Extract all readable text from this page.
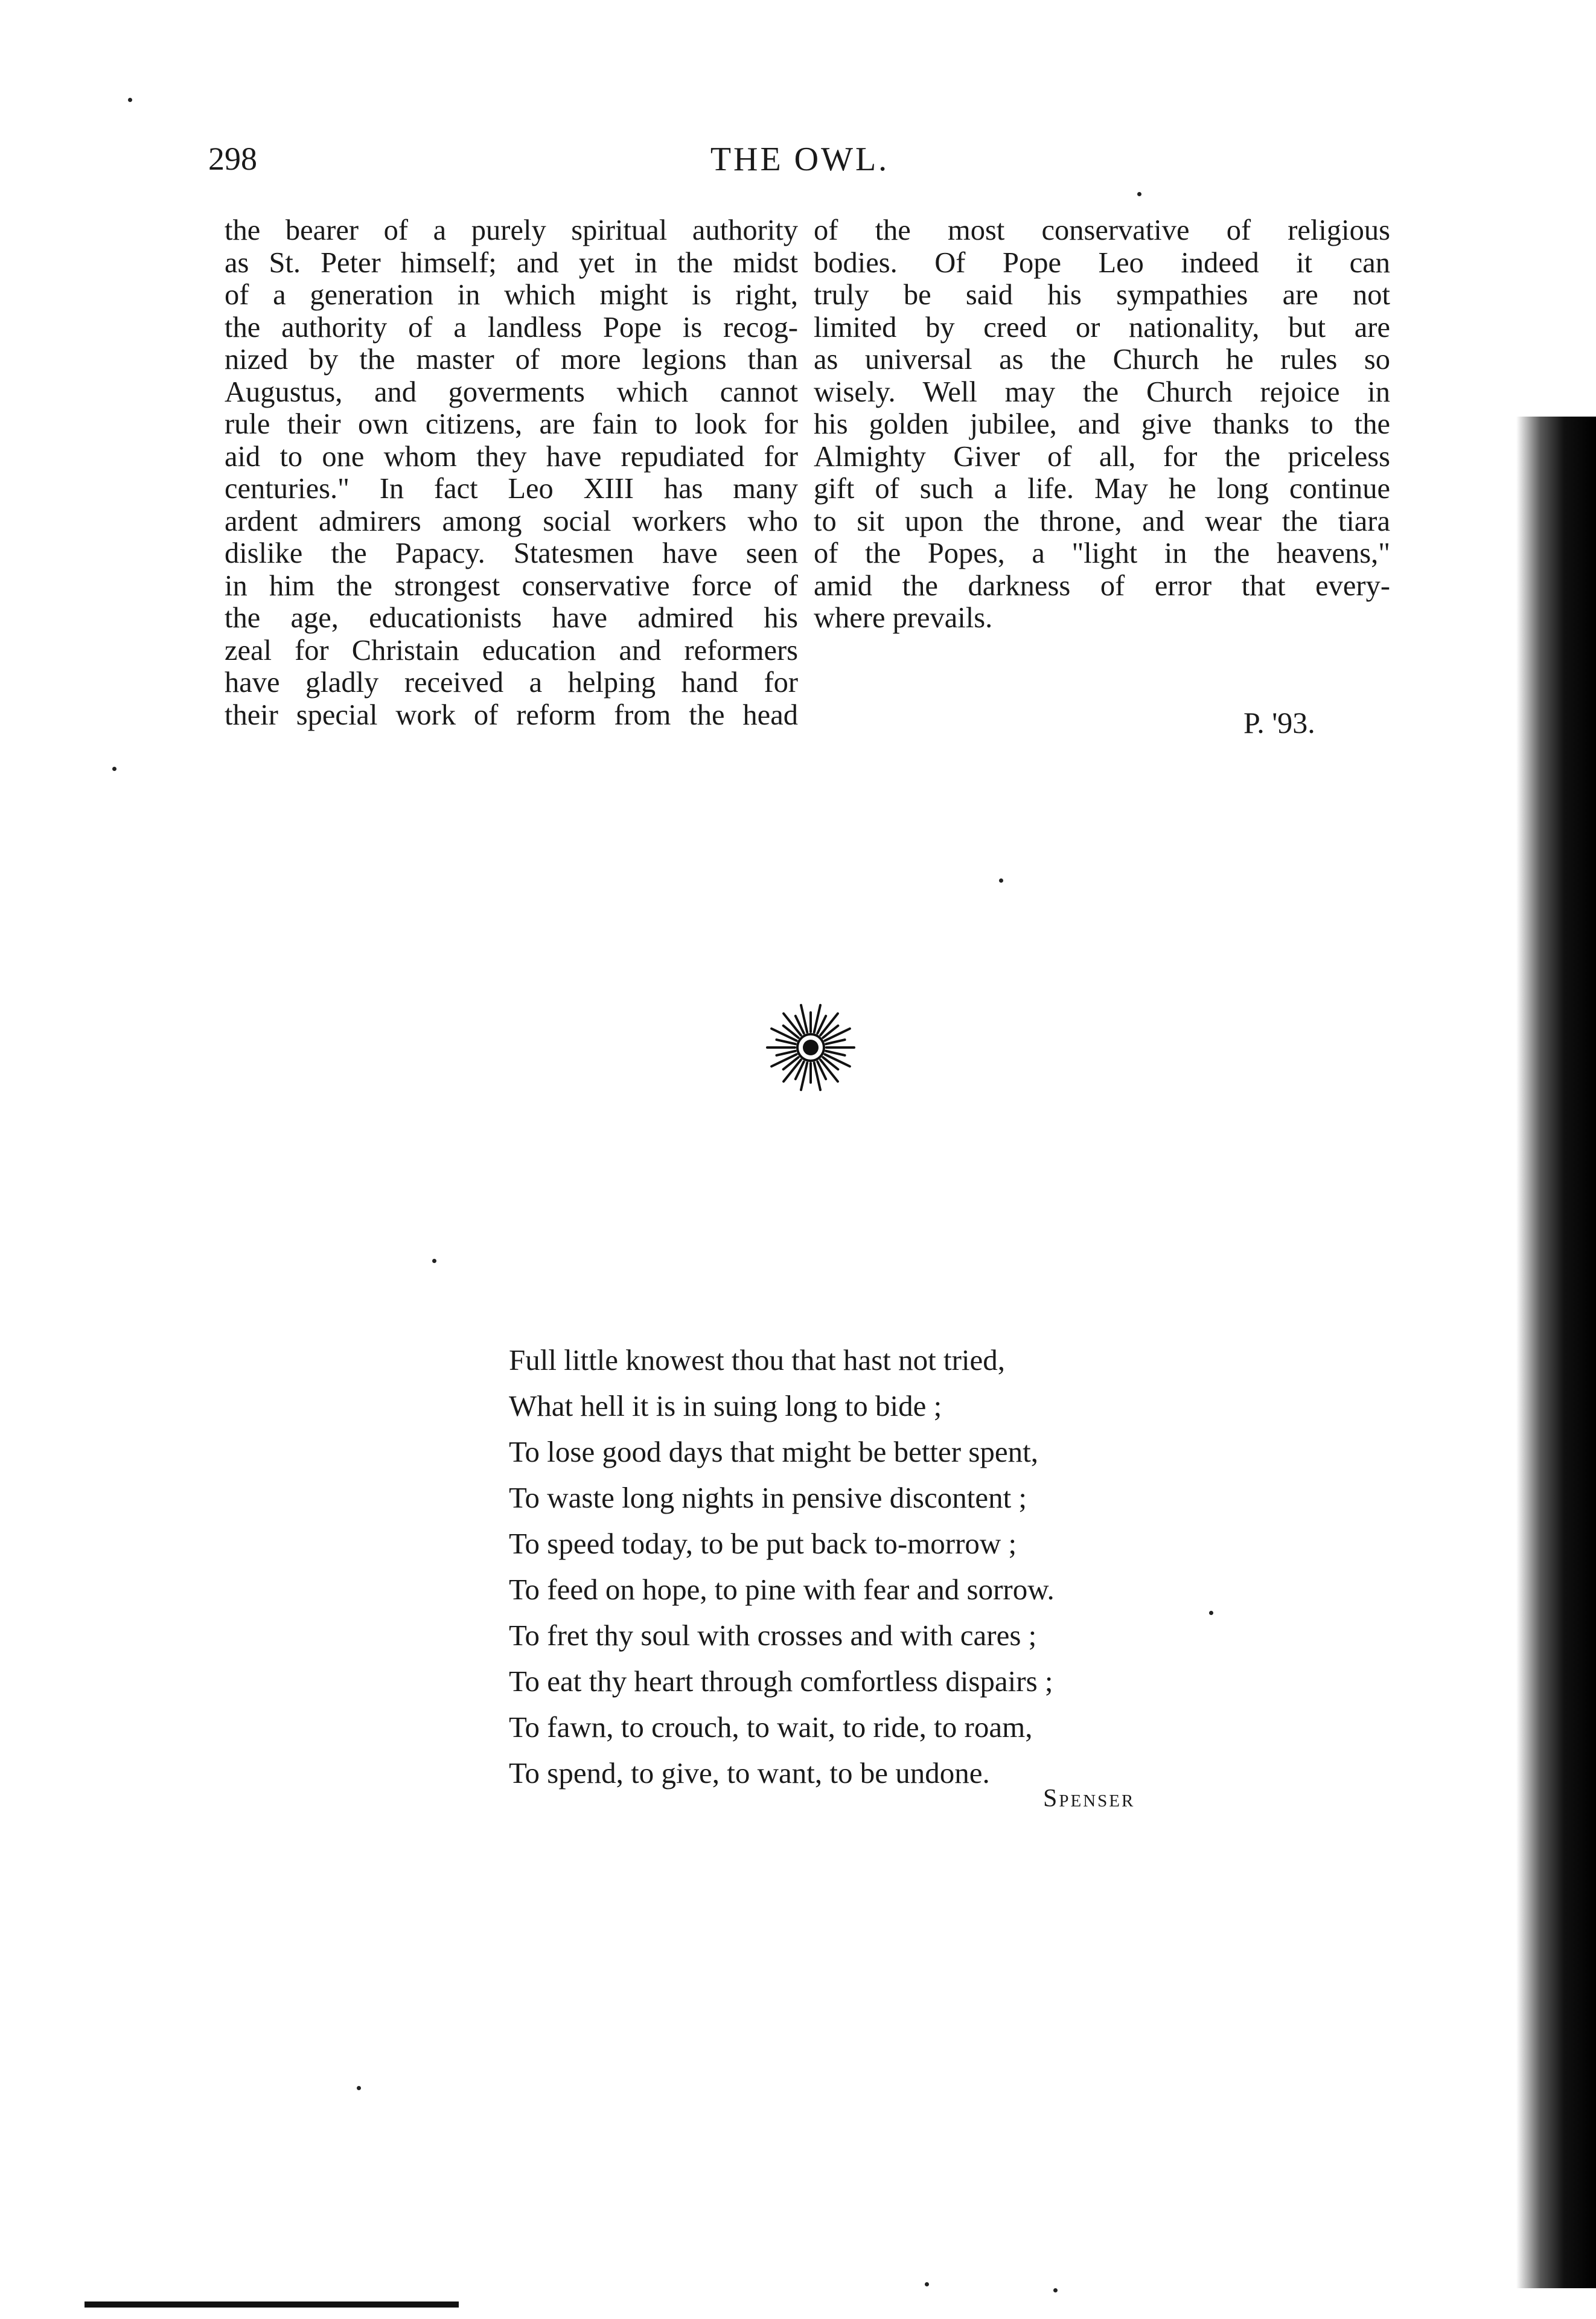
298	THE OWL.
the bearer of a purely spiritual authority
as St. Peter himself; and yet in the midst
of a generation in which might is right,
the authority of a landless Pope is recog-
nized by the master of more legions than
Augustus, and goverments which cannot
rule their own citizens, are fain to look for
aid to one whom they have repudiated for
centuries." In fact Leo XIII has many
ardent admirers among social workers who
dislike the Papacy. Statesmen have seen
in him the strongest conservative force of
the age, educationists have admired his
zeal for Christain education and reformers
have gladly received a helping hand for
their special work of reform from the head
of the most conservative of religious
bodies. Of Pope Leo indeed it can
truly be said his sympathies are not
limited by creed or nationality, but are
as universal as the Church he rules so
wisely. Well may the Church rejoice in
his golden jubilee, and give thanks to the
Almighty Giver of all, for the priceless
gift of such a life. May he long continue
to sit upon the throne, and wear the tiara
of the Popes, a "light in the heavens,"
amid the darkness of error that every-
where prevails.
P. '93.
Full little knowest thou that hast not tried,
What hell it is in suing long to bide ;
To lose good days that might be better spent,
To waste long nights in pensive discontent ;
To speed today, to be put back to-morrow ;
To feed on hope, to pine with fear and sorrow.
To fret thy soul with crosses and with cares ;
To eat thy heart through comfortless dispairs ;
To fawn, to crouch, to wait, to ride, to roam,
To spend, to give, to want, to be undone.
Spenser
